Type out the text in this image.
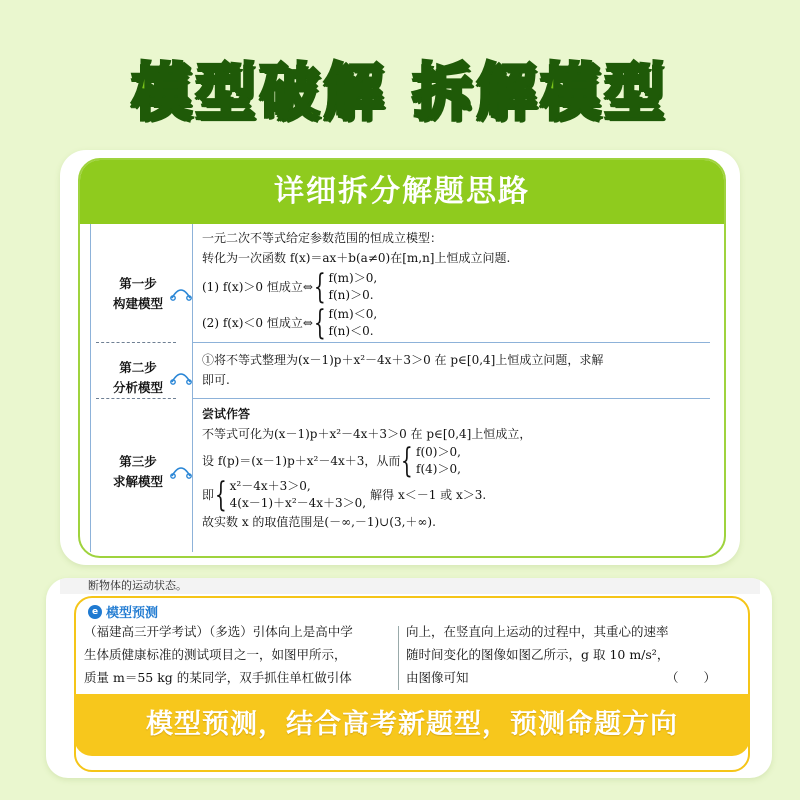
模型破解 拆解模型
详细拆分解题思路
第一步
构建模型
一元二次不等式给定参数范围的恒成立模型：
转化为一次函数 f(x)＝ax＋b(a≠0)在[m,n]上恒成立问题.
(1) f(x)＞0 恒成立⇔ { f(m)＞0,
f(n)＞0.
(2) f(x)＜0 恒成立⇔ { f(m)＜0,
f(n)＜0.
第二步
分析模型
①将不等式整理为(x－1)p＋x²－4x＋3＞0 在 p∈[0,4]上恒成立问题，求解
即可.
第三步
求解模型
尝试作答
不等式可化为(x－1)p＋x²－4x＋3＞0 在 p∈[0,4]上恒成立，
设 f(p)＝(x－1)p＋x²－4x＋3，从而 { f(0)＞0,
f(4)＞0,
即 { x²－4x＋3＞0,
4(x－1)＋x²－4x＋3＞0,
解得 x＜－1 或 x＞3.
故实数 x 的取值范围是(－∞,－1)∪(3,＋∞).
断物体的运动状态。
e 模型预测
（福建高三开学考试）（多选）引体向上是高中学
生体质健康标准的测试项目之一，如图甲所示，
质量 m＝55 kg 的某同学，双手抓住单杠做引体
向上，在竖直向上运动的过程中，其重心的速率
随时间变化的图像如图乙所示，g 取 10 m/s²，
由图像可知	（　　）
模型预测，结合高考新题型，预测命题方向
